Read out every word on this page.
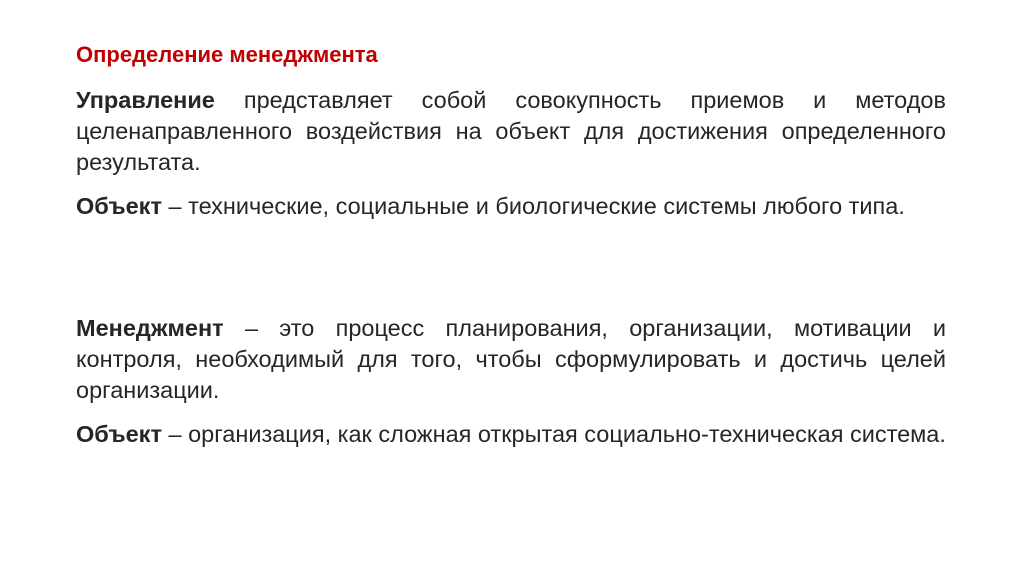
Определение менеджмента

Управление представляет собой совокупность приемов и методов целенаправленного воздействия на объект для достижения определенного результата.

Объект – технические, социальные и биологические системы любого типа.

Менеджмент – это процесс планирования, организации, мотивации и контроля, необходимый для того, чтобы сформулировать и достичь целей организации.

Объект – организация, как сложная открытая социально-техническая система.
